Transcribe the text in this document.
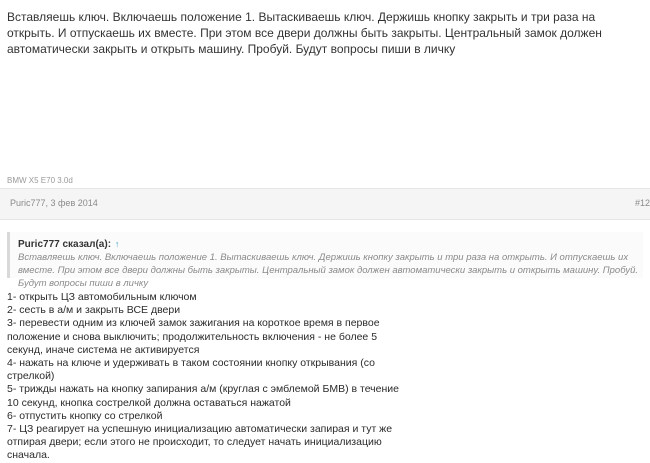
Вставляешь ключ. Включаешь положение 1. Вытаскиваешь ключ. Держишь кнопку закрыть и три раза на открыть. И отпускаешь их вместе. При этом все двери должны быть закрыты. Центральный замок должен автоматически закрыть и открыть машину. Пробуй. Будут вопросы пиши в личку
BMW X5 E70 3.0d
Puric777, 3 фев 2014	#12
Puric777 сказал(а): ↑
Вставляешь ключ. Включаешь положение 1. Вытаскиваешь ключ. Держишь кнопку закрыть и три раза на открыть. И отпускаешь их вместе. При этом все двери должны быть закрыты. Центральный замок должен автоматически закрыть и открыть машину. Пробуй. Будут вопросы пиши в личку

1- открыть ЦЗ автомобильным ключом

2- сесть в а/м и закрыть ВСЕ двери

3- перевести одним из ключей замок зажигания на короткое время в первое положение и снова выключить; продолжительность включения - не более 5 секунд, иначе система не активируется

4- нажать на ключе и удерживать в таком состоянии кнопку открывания (со стрелкой)

5- трижды нажать на кнопку запирания а/м (круглая с эмблемой БМВ) в течение 10 секунд, кнопка сострелкой должна оставаться нажатой

6- отпустить кнопку со стрелкой

7- ЦЗ реагирует на успешную инициализацию автоматически запирая и тут же отпирая двери; если этого не происходит, то следует начать инициализацию сначала.
